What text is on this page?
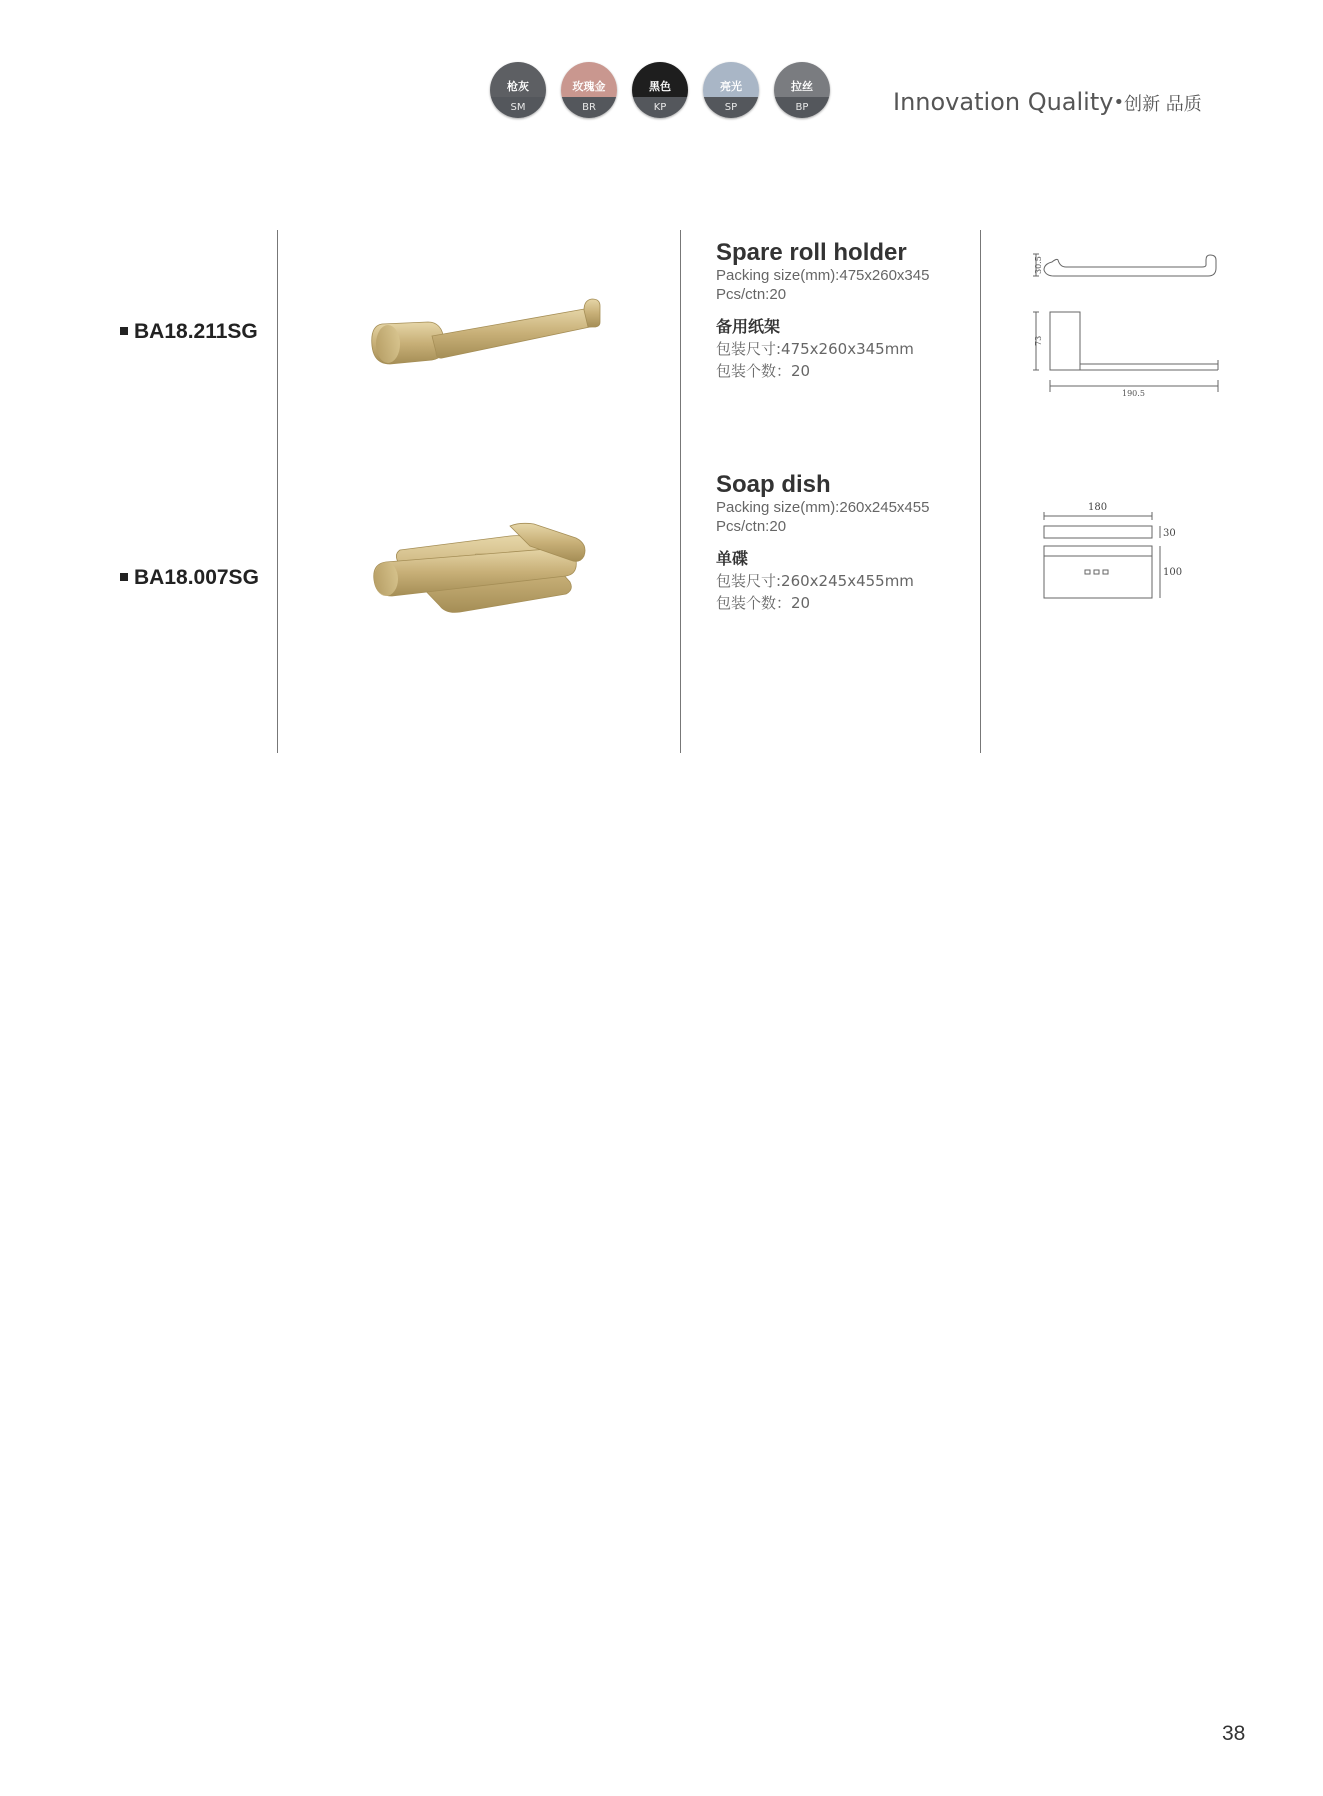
枪灰
SM
玫瑰金
BR
黑色
KP
亮光
SP
拉丝
BP	Innovation Quality•创新 品质
BA18.211SG
Spare roll holder
Packing size(mm):475x260x345
Pcs/ctn:20
备用纸架
包装尺寸:475x260x345mm
包装个数：20
30.5
73
190.5
BA18.007SG
Soap dish
Packing size(mm):260x245x455
Pcs/ctn:20
单碟
包装尺寸:260x245x455mm
包装个数：20
180
30
100
38
